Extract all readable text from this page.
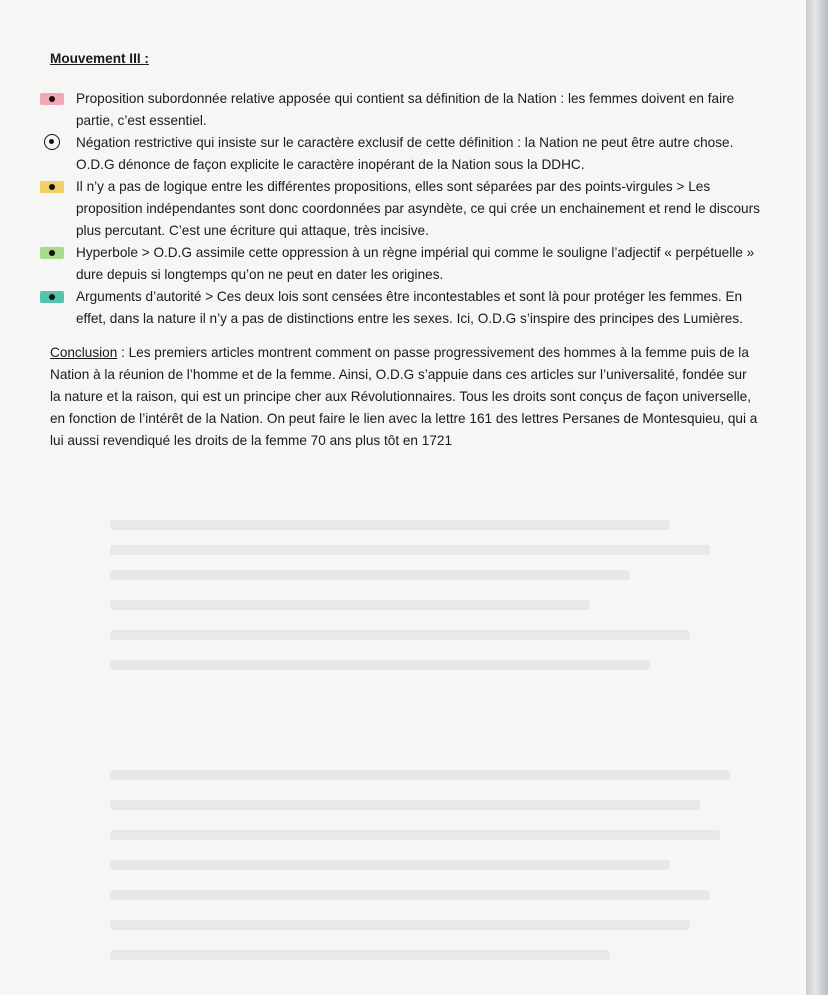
Mouvement III :
Proposition subordonnée relative apposée qui contient sa définition de la Nation : les femmes doivent en faire partie, c’est essentiel.
Négation restrictive qui insiste sur le caractère exclusif de cette définition : la Nation ne peut être autre chose. O.D.G dénonce de façon explicite le caractère inopérant de la Nation sous la DDHC.
Il n’y a pas de logique entre les différentes propositions, elles sont séparées par des points-virgules > Les proposition indépendantes sont donc coordonnées par asyndète, ce qui crée un enchainement et rend le discours plus percutant. C’est une écriture qui attaque, très incisive.
Hyperbole > O.D.G assimile cette oppression à un règne impérial qui comme le souligne l’adjectif « perpétuelle » dure depuis si longtemps qu’on ne peut en dater les origines.
Arguments d’autorité > Ces deux lois sont censées être incontestables et sont là pour protéger les femmes. En effet, dans la nature il n’y a pas de distinctions entre les sexes. Ici, O.D.G s’inspire des principes des Lumières.
Conclusion : Les premiers articles montrent comment on passe progressivement des hommes à la femme puis de la Nation à la réunion de l’homme et de la femme. Ainsi, O.D.G s’appuie dans ces articles sur l’universalité, fondée sur la nature et la raison, qui est un principe cher aux Révolutionnaires. Tous les droits sont conçus de façon universelle, en fonction de l’intérêt de la Nation. On peut faire le lien avec la lettre 161 des lettres Persanes de Montesquieu, qui a lui aussi revendiqué les droits de la femme 70 ans plus tôt en 1721
